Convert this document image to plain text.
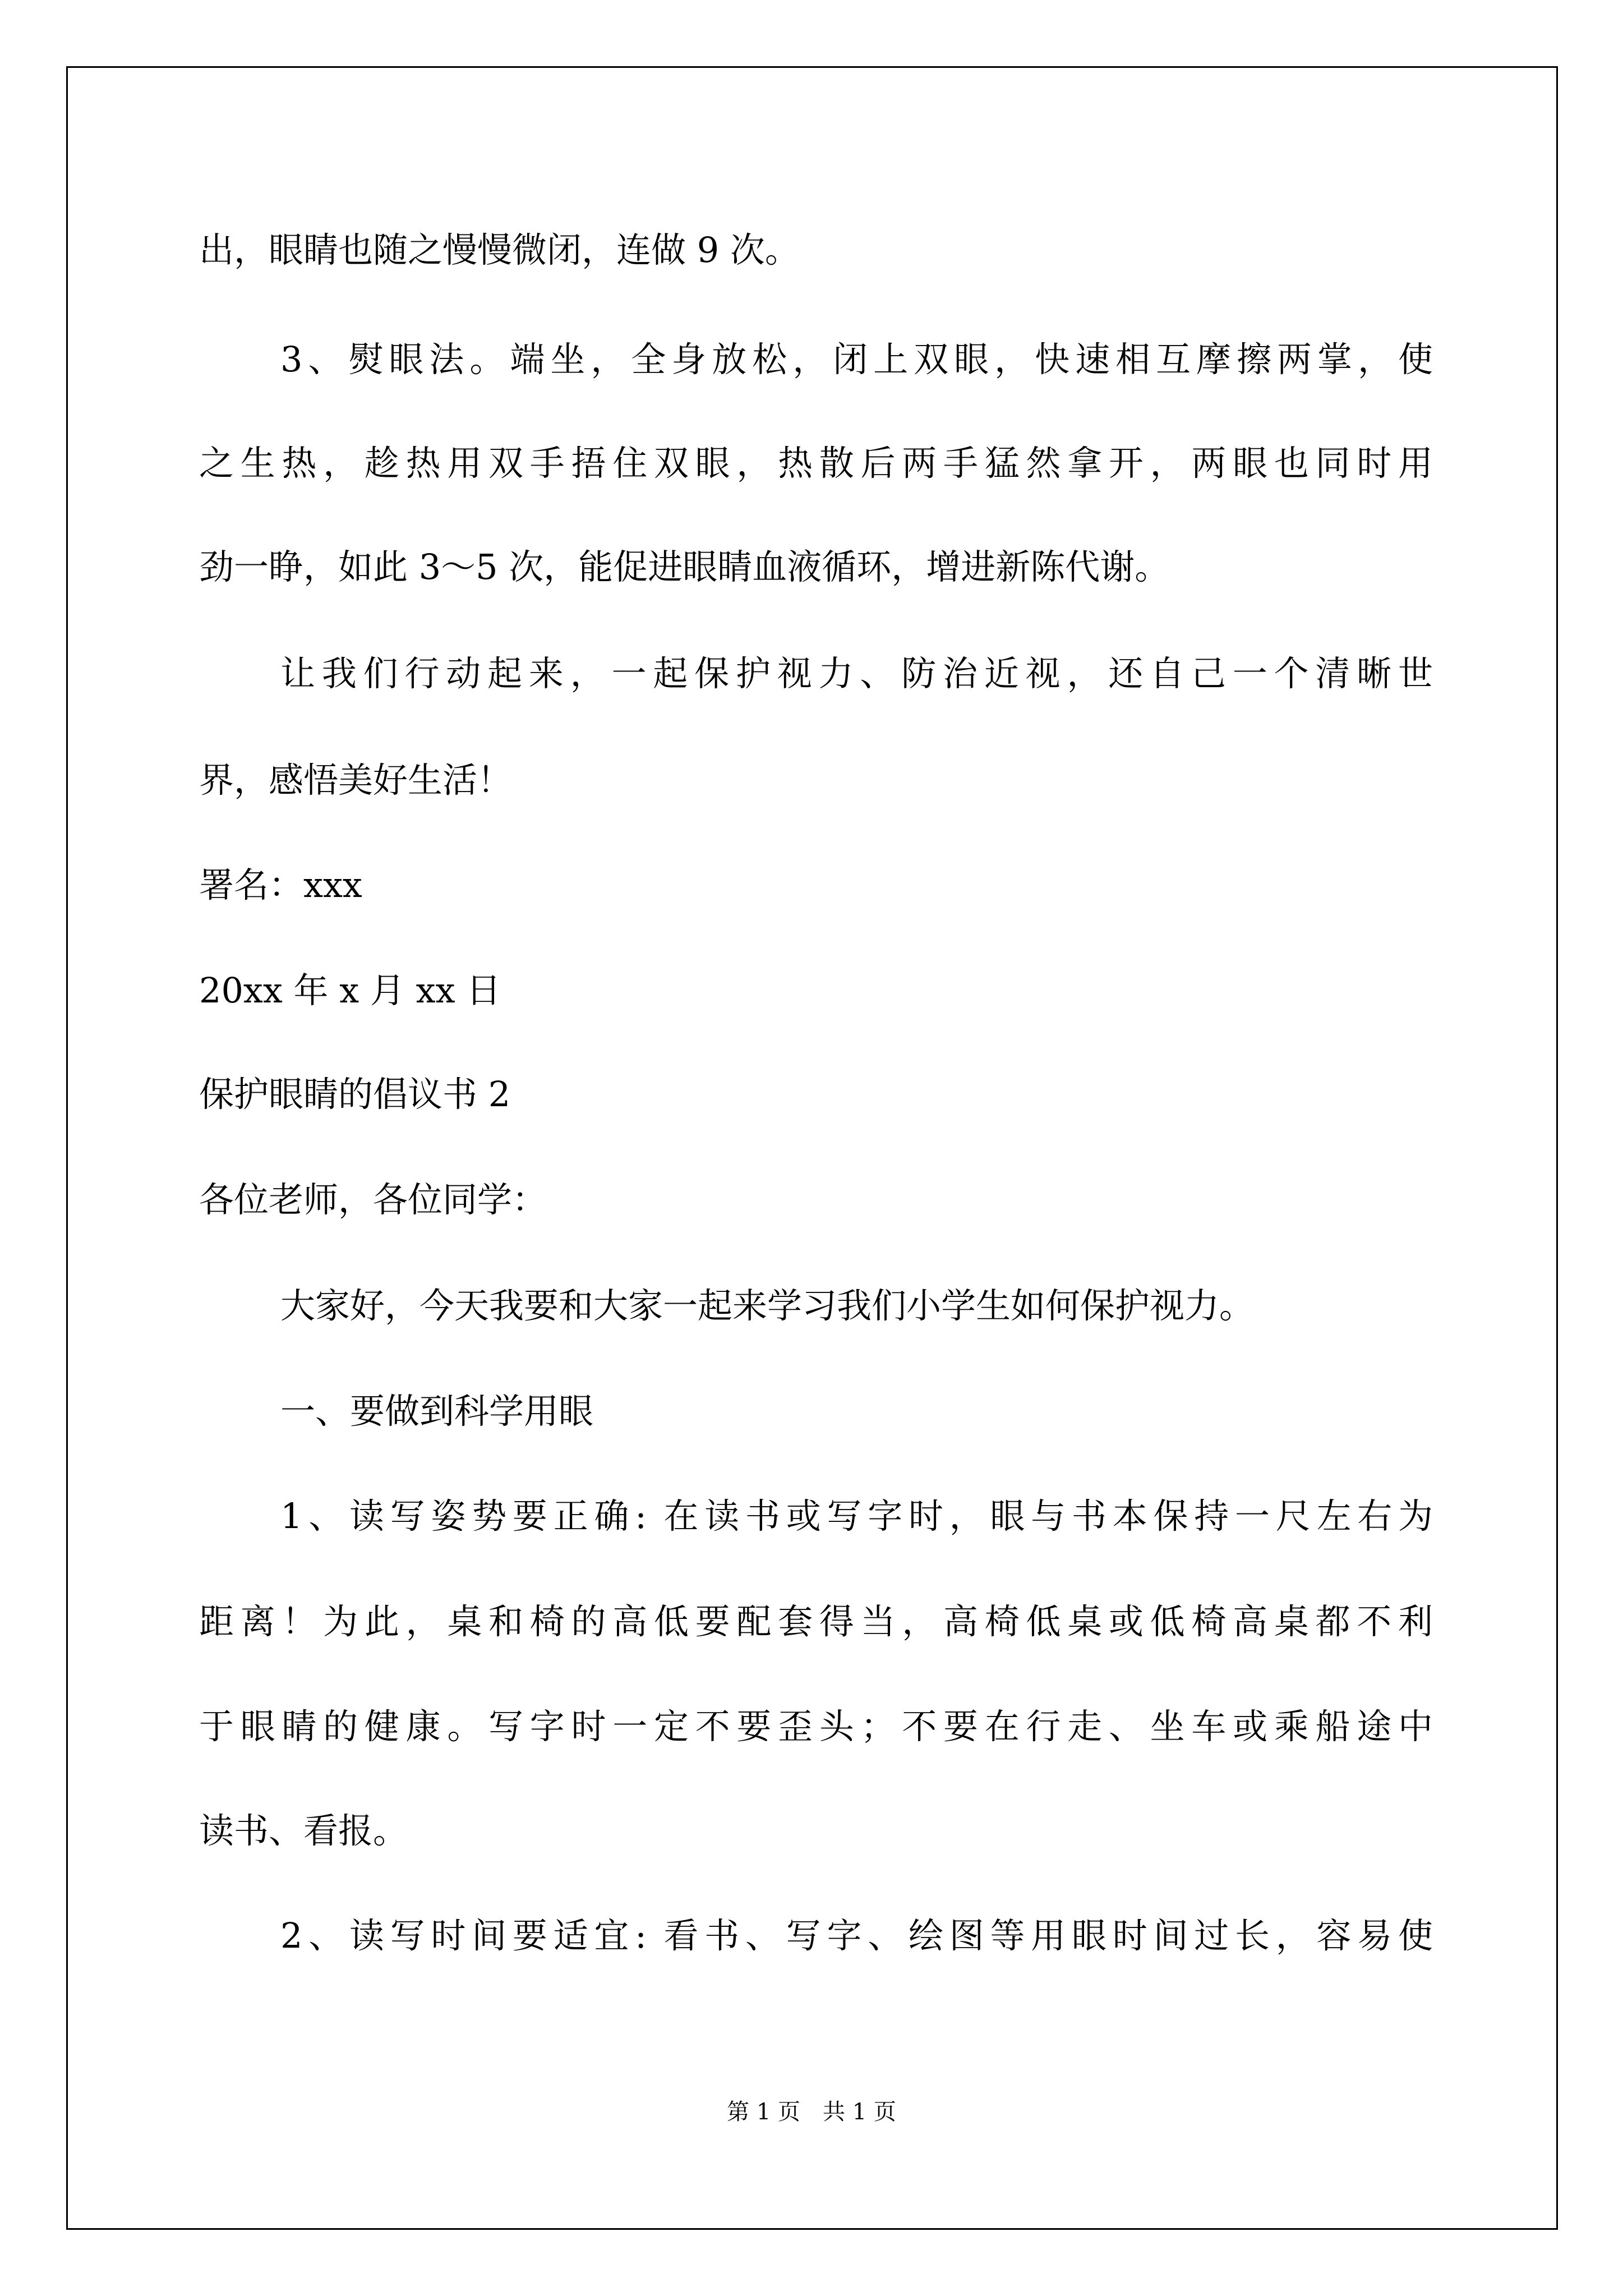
出，眼睛也随之慢慢微闭，连做 9 次。
3、熨眼法。端坐，全身放松，闭上双眼，快速相互摩擦两掌，使
之生热，趁热用双手捂住双眼，热散后两手猛然拿开，两眼也同时用
劲一睁，如此 3～5 次，能促进眼睛血液循环，增进新陈代谢。
让我们行动起来，一起保护视力、防治近视，还自己一个清晰世
界，感悟美好生活！
署名：xxx
20xx 年 x 月 xx 日
保护眼睛的倡议书 2
各位老师，各位同学：
大家好，今天我要和大家一起来学习我们小学生如何保护视力。
一、要做到科学用眼
1、读写姿势要正确: 在读书或写字时，眼与书本保持一尺左右为
距离！为此，桌和椅的高低要配套得当，高椅低桌或低椅高桌都不利
于眼睛的健康。写字时一定不要歪头；不要在行走、坐车或乘船途中
读书、看报。
2、读写时间要适宜: 看书、写字、绘图等用眼时间过长，容易使
第 1 页　共 1 页
